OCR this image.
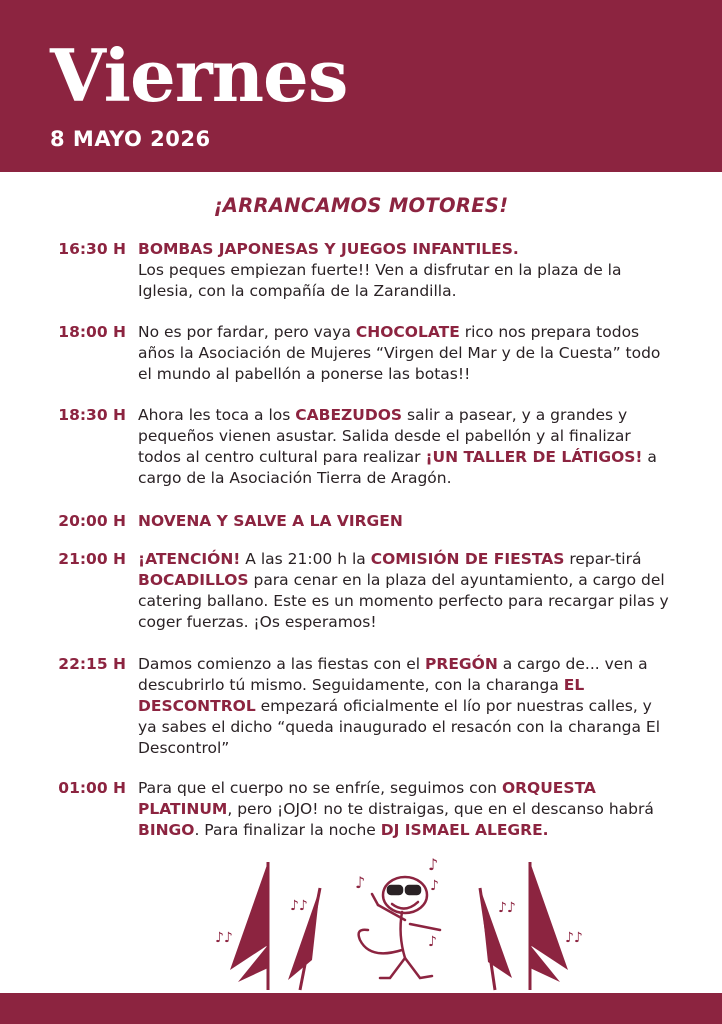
Viernes
8 MAYO 2026
¡ARRANCAMOS MOTORES!
16:30 H BOMBAS JAPONESAS Y JUEGOS INFANTILES.
Los peques empiezan fuerte!! Ven a disfrutar en la plaza de la Iglesia, con la compañía de la Zarandilla.
18:00 H No es por fardar, pero vaya CHOCOLATE rico nos prepara todos años la Asociación de Mujeres “Virgen del Mar y de la Cuesta” todo el mundo al pabellón a ponerse las botas!!
18:30 H Ahora les toca a los CABEZUDOS salir a pasear, y a grandes y pequeños vienen asustar. Salida desde el pabellón y al finalizar todos al centro cultural para realizar ¡UN TALLER DE LÁTIGOS! a cargo de la Asociación Tierra de Aragón.
20:00 H NOVENA Y SALVE A LA VIRGEN
21:00 H ¡ATENCIÓN! A las 21:00 h la COMISIÓN DE FIESTAS repar-tirá BOCADILLOS para cenar en la plaza del ayuntamiento, a cargo del catering ballano. Este es un momento perfecto para recargar pilas y coger fuerzas. ¡Os esperamos!
22:15 H Damos comienzo a las fiestas con el PREGÓN a cargo de... ven a descubrirlo tú mismo. Seguidamente, con la charanga EL DESCONTROL empezará oficialmente el lío por nuestras calles, y ya sabes el dicho “queda inaugurado el resacón con la charanga El Descontrol”
01:00 H Para que el cuerpo no se enfríe, seguimos con ORQUESTA PLATINUM, pero ¡OJO! no te distraigas, que en el descanso habrá BINGO. Para finalizar la noche DJ ISMAEL ALEGRE.
♪♪
♪♪
♪
♪
♪
♪♪
♪♪
♪
